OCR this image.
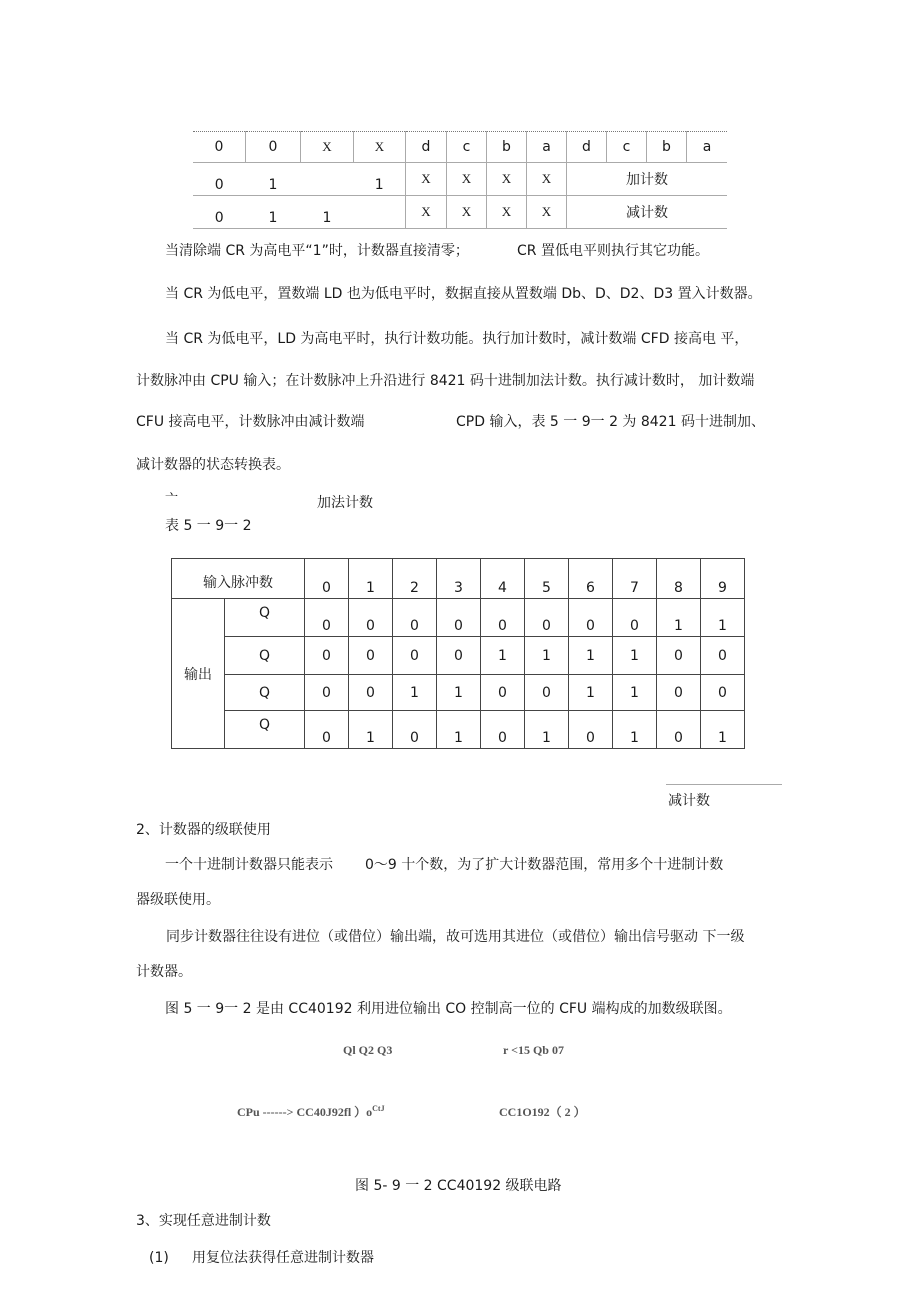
0	0	X	X	d	c	b	a	d	c	b	a
0	1		1	X	X	X	X	加计数			
0	1	1		X	X	X	X	减计数			
当清除端 CR 为高电平“1”时，计数器直接清零；	CR 置低电平则执行其它功能。
当 CR 为低电平，置数端 LD 也为低电平时，数据直接从置数端 Db、D、D2、D3 置入计数器。
当 CR 为低电平，LD 为高电平时，执行计数功能。执行加计数时，减计数端 CFD 接高电 平，
计数脉冲由 CPU 输入；在计数脉冲上升沿进行 8421 码十进制加法计数。执行减计数时， 加计数端
CFU 接高电平，计数脉冲由减计数端	CPD 输入，表 5 一 9一 2 为 8421 码十进制加、
减计数器的状态转换表。
亠	加法计数
表 5 一 9一 2
输入脉冲数		0	1	2	3	4	5	6	7	8	9
输出	Q	0	0	0	0	0	0	0	0	1	1
	Q	0	0	0	0	1	1	1	1	0	0
	Q	0	0	1	1	0	0	1	1	0	0
	Q	0	1	0	1	0	1	0	1	0	1
减计数
2、计数器的级联使用
一个十进制计数器只能表示 0〜9 十个数，为了扩大计数器范围，常用多个十进制计数
器级联使用。
同步计数器往往设有进位（或借位）输出端，故可选用其进位（或借位）输出信号驱动 下一级
计数器。
图 5 一 9一 2 是由 CC40192 利用进位输出 CO 控制高一位的 CFU 端构成的加数级联图。
Ql Q2 Q3	r <15 Qb 07
CPu ------> CC40J92fl ）$o^{CtJ}$	CC1O192（ 2 ）
图 5- 9 一 2 CC40192 级联电路
3、实现任意进制计数
(1) 用复位法获得任意进制计数器
